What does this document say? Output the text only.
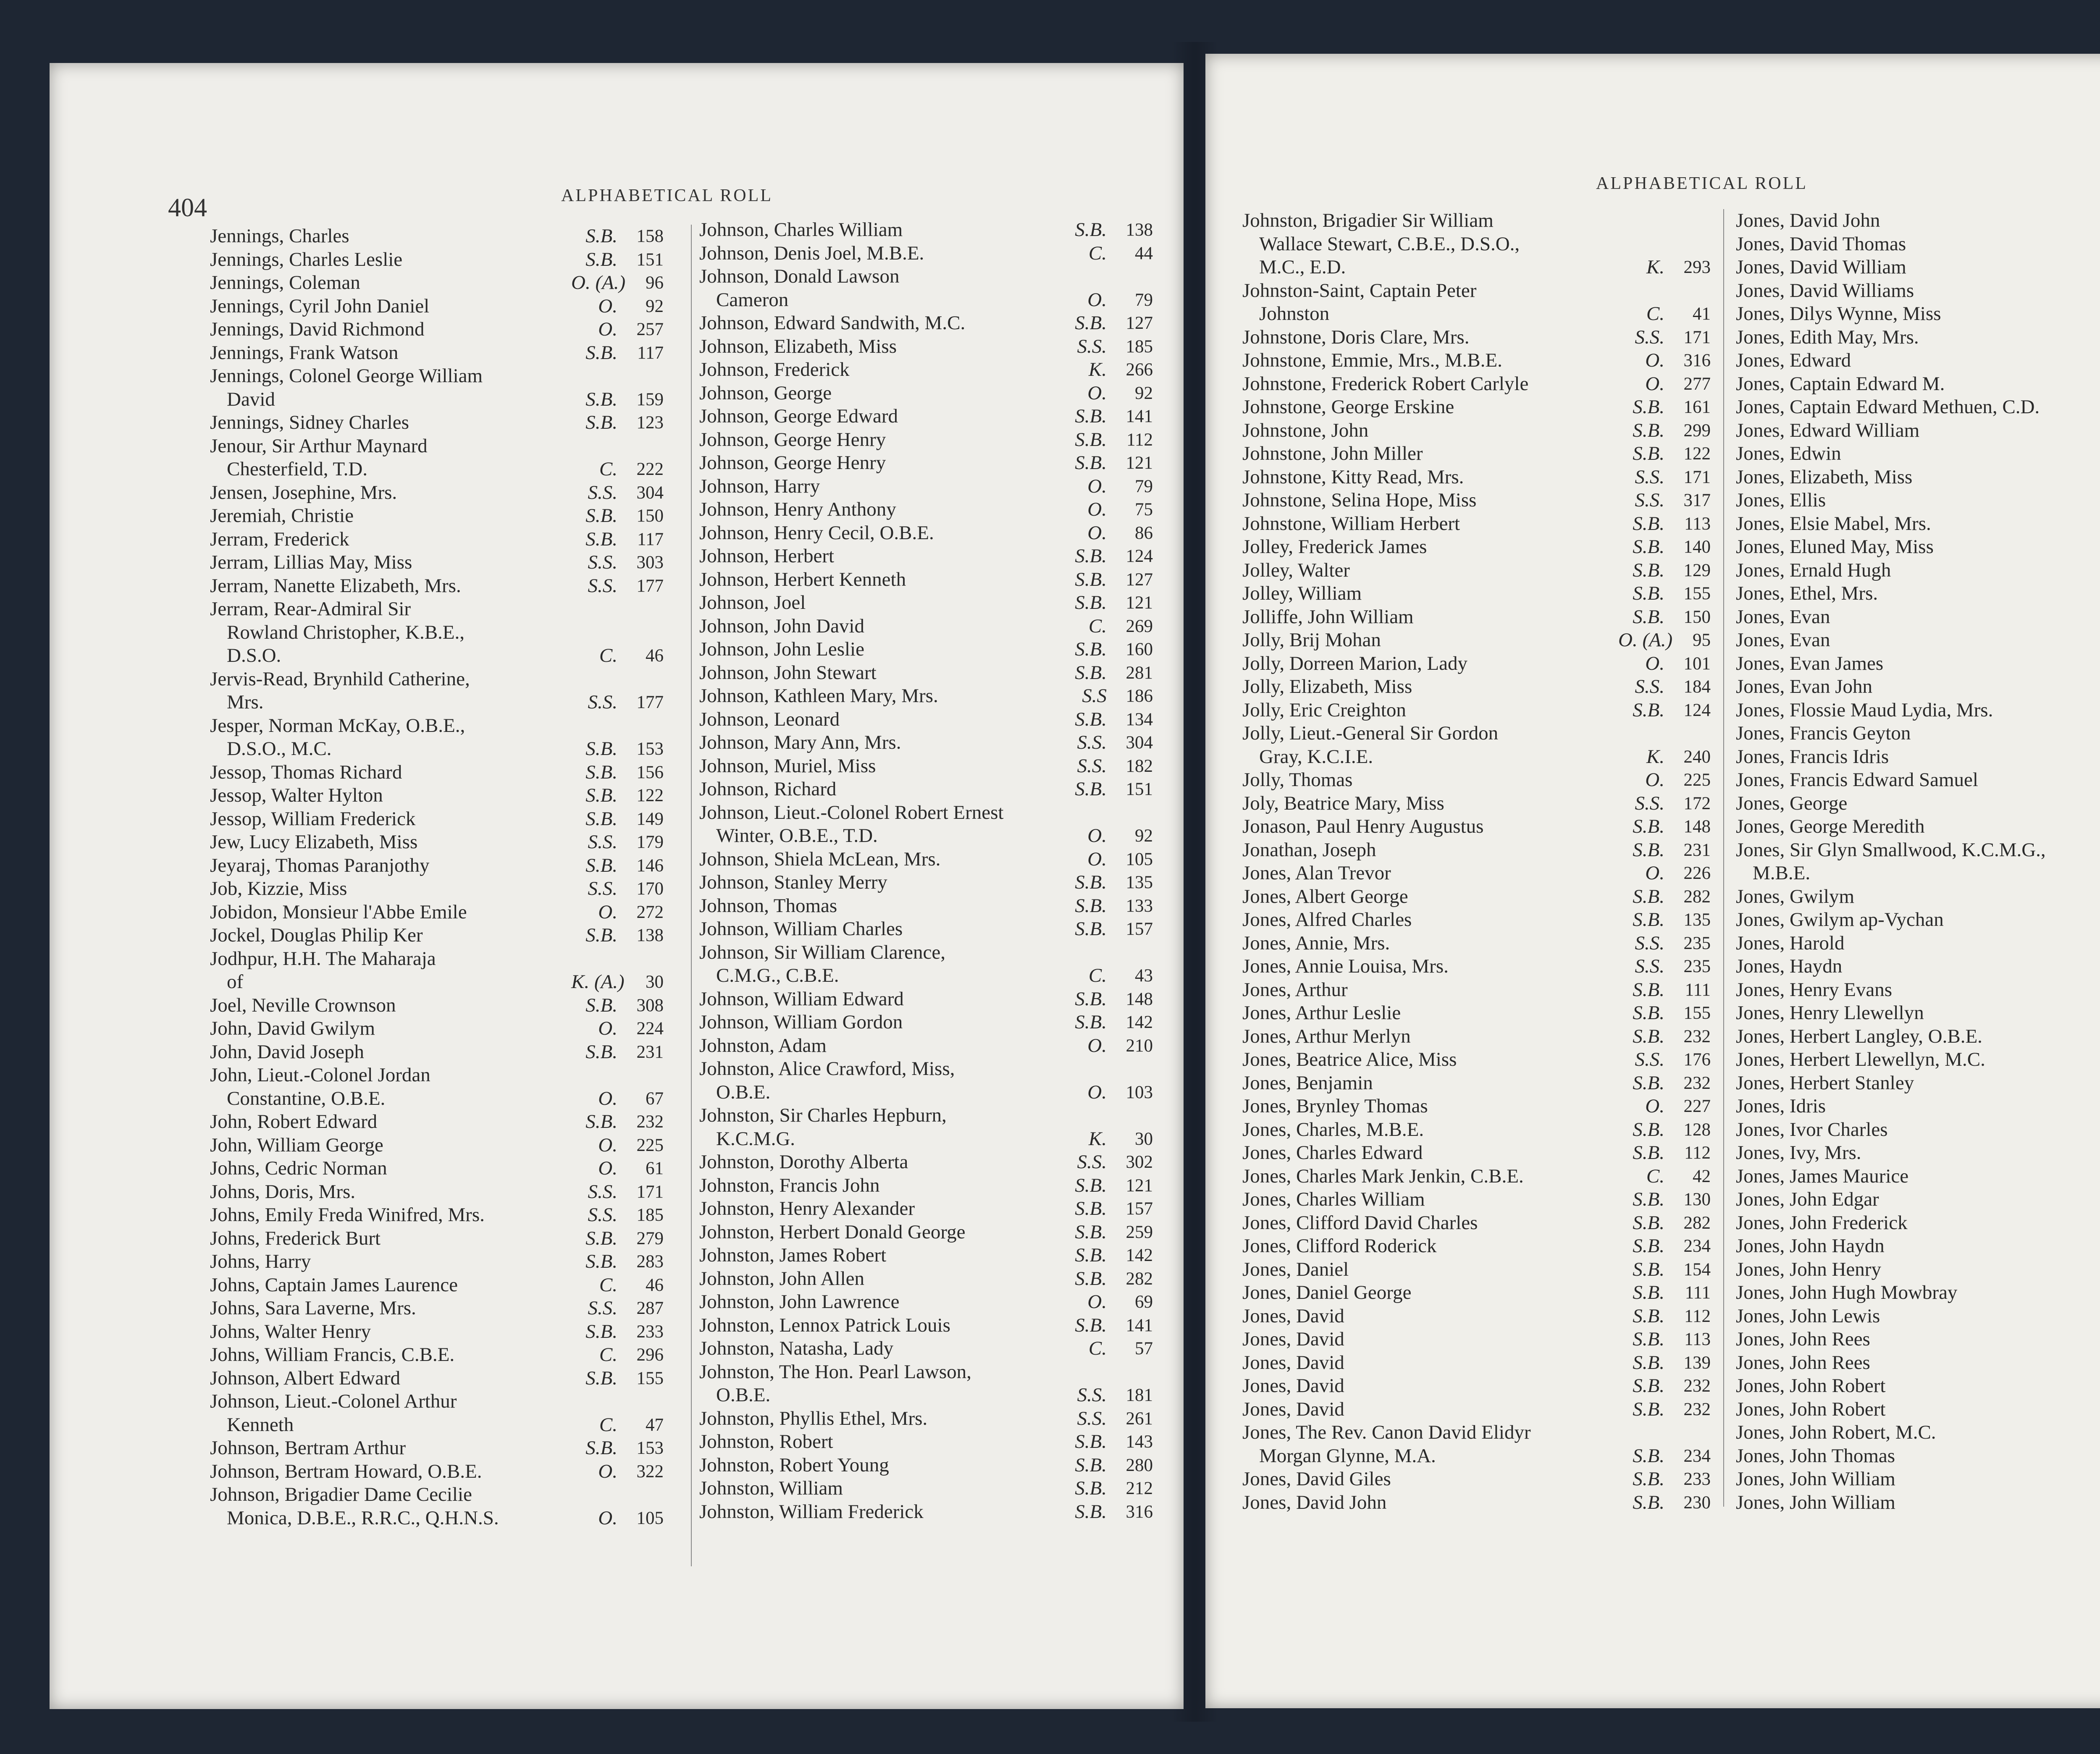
404	ALPHABETICAL ROLL
Jennings, Charles	S.B.	158
Jennings, Charles Leslie	S.B.	151
Jennings, Coleman	O. (A.)	96
Jennings, Cyril John Daniel	O.	92
Jennings, David Richmond	O.	257
Jennings, Frank Watson	S.B.	117
Jennings, Colonel George William
David	S.B.	159
Jennings, Sidney Charles	S.B.	123
Jenour, Sir Arthur Maynard
Chesterfield, T.D.	C.	222
Jensen, Josephine, Mrs.	S.S.	304
Jeremiah, Christie	S.B.	150
Jerram, Frederick	S.B.	117
Jerram, Lillias May, Miss	S.S.	303
Jerram, Nanette Elizabeth, Mrs.	S.S.	177
Jerram, Rear-Admiral Sir
Rowland Christopher, K.B.E.,
D.S.O.	C.	46
Jervis-Read, Brynhild Catherine,
Mrs.	S.S.	177
Jesper, Norman McKay, O.B.E.,
D.S.O., M.C.	S.B.	153
Jessop, Thomas Richard	S.B.	156
Jessop, Walter Hylton	S.B.	122
Jessop, William Frederick	S.B.	149
Jew, Lucy Elizabeth, Miss	S.S.	179
Jeyaraj, Thomas Paranjothy	S.B.	146
Job, Kizzie, Miss	S.S.	170
Jobidon, Monsieur l'Abbe Emile	O.	272
Jockel, Douglas Philip Ker	S.B.	138
Jodhpur, H.H. The Maharaja
of	K. (A.)	30
Joel, Neville Crownson	S.B.	308
John, David Gwilym	O.	224
John, David Joseph	S.B.	231
John, Lieut.-Colonel Jordan
Constantine, O.B.E.	O.	67
John, Robert Edward	S.B.	232
John, William George	O.	225
Johns, Cedric Norman	O.	61
Johns, Doris, Mrs.	S.S.	171
Johns, Emily Freda Winifred, Mrs.	S.S.	185
Johns, Frederick Burt	S.B.	279
Johns, Harry	S.B.	283
Johns, Captain James Laurence	C.	46
Johns, Sara Laverne, Mrs.	S.S.	287
Johns, Walter Henry	S.B.	233
Johns, William Francis, C.B.E.	C.	296
Johnson, Albert Edward	S.B.	155
Johnson, Lieut.-Colonel Arthur
Kenneth	C.	47
Johnson, Bertram Arthur	S.B.	153
Johnson, Bertram Howard, O.B.E.	O.	322
Johnson, Brigadier Dame Cecilie
Monica, D.B.E., R.R.C., Q.H.N.S.	O.	105
Johnson, Charles William	S.B.	138
Johnson, Denis Joel, M.B.E.	C.	44
Johnson, Donald Lawson
Cameron	O.	79
Johnson, Edward Sandwith, M.C.	S.B.	127
Johnson, Elizabeth, Miss	S.S.	185
Johnson, Frederick	K.	266
Johnson, George	O.	92
Johnson, George Edward	S.B.	141
Johnson, George Henry	S.B.	112
Johnson, George Henry	S.B.	121
Johnson, Harry	O.	79
Johnson, Henry Anthony	O.	75
Johnson, Henry Cecil, O.B.E.	O.	86
Johnson, Herbert	S.B.	124
Johnson, Herbert Kenneth	S.B.	127
Johnson, Joel	S.B.	121
Johnson, John David	C.	269
Johnson, John Leslie	S.B.	160
Johnson, John Stewart	S.B.	281
Johnson, Kathleen Mary, Mrs.	S.S	186
Johnson, Leonard	S.B.	134
Johnson, Mary Ann, Mrs.	S.S.	304
Johnson, Muriel, Miss	S.S.	182
Johnson, Richard	S.B.	151
Johnson, Lieut.-Colonel Robert Ernest
Winter, O.B.E., T.D.	O.	92
Johnson, Shiela McLean, Mrs.	O.	105
Johnson, Stanley Merry	S.B.	135
Johnson, Thomas	S.B.	133
Johnson, William Charles	S.B.	157
Johnson, Sir William Clarence,
C.M.G., C.B.E.	C.	43
Johnson, William Edward	S.B.	148
Johnson, William Gordon	S.B.	142
Johnston, Adam	O.	210
Johnston, Alice Crawford, Miss,
O.B.E.	O.	103
Johnston, Sir Charles Hepburn,
K.C.M.G.	K.	30
Johnston, Dorothy Alberta	S.S.	302
Johnston, Francis John	S.B.	121
Johnston, Henry Alexander	S.B.	157
Johnston, Herbert Donald George	S.B.	259
Johnston, James Robert	S.B.	142
Johnston, John Allen	S.B.	282
Johnston, John Lawrence	O.	69
Johnston, Lennox Patrick Louis	S.B.	141
Johnston, Natasha, Lady	C.	57
Johnston, The Hon. Pearl Lawson,
O.B.E.	S.S.	181
Johnston, Phyllis Ethel, Mrs.	S.S.	261
Johnston, Robert	S.B.	143
Johnston, Robert Young	S.B.	280
Johnston, William	S.B.	212
Johnston, William Frederick	S.B.	316
ALPHABETICAL ROLL
Johnston, Brigadier Sir William
Wallace Stewart, C.B.E., D.S.O.,
M.C., E.D.	K.	293
Johnston-Saint, Captain Peter
Johnston	C.	41
Johnstone, Doris Clare, Mrs.	S.S.	171
Johnstone, Emmie, Mrs., M.B.E.	O.	316
Johnstone, Frederick Robert Carlyle	O.	277
Johnstone, George Erskine	S.B.	161
Johnstone, John	S.B.	299
Johnstone, John Miller	S.B.	122
Johnstone, Kitty Read, Mrs.	S.S.	171
Johnstone, Selina Hope, Miss	S.S.	317
Johnstone, William Herbert	S.B.	113
Jolley, Frederick James	S.B.	140
Jolley, Walter	S.B.	129
Jolley, William	S.B.	155
Jolliffe, John William	S.B.	150
Jolly, Brij Mohan	O. (A.)	95
Jolly, Dorreen Marion, Lady	O.	101
Jolly, Elizabeth, Miss	S.S.	184
Jolly, Eric Creighton	S.B.	124
Jolly, Lieut.-General Sir Gordon
Gray, K.C.I.E.	K.	240
Jolly, Thomas	O.	225
Joly, Beatrice Mary, Miss	S.S.	172
Jonason, Paul Henry Augustus	S.B.	148
Jonathan, Joseph	S.B.	231
Jones, Alan Trevor	O.	226
Jones, Albert George	S.B.	282
Jones, Alfred Charles	S.B.	135
Jones, Annie, Mrs.	S.S.	235
Jones, Annie Louisa, Mrs.	S.S.	235
Jones, Arthur	S.B.	111
Jones, Arthur Leslie	S.B.	155
Jones, Arthur Merlyn	S.B.	232
Jones, Beatrice Alice, Miss	S.S.	176
Jones, Benjamin	S.B.	232
Jones, Brynley Thomas	O.	227
Jones, Charles, M.B.E.	S.B.	128
Jones, Charles Edward	S.B.	112
Jones, Charles Mark Jenkin, C.B.E.	C.	42
Jones, Charles William	S.B.	130
Jones, Clifford David Charles	S.B.	282
Jones, Clifford Roderick	S.B.	234
Jones, Daniel	S.B.	154
Jones, Daniel George	S.B.	111
Jones, David	S.B.	112
Jones, David	S.B.	113
Jones, David	S.B.	139
Jones, David	S.B.	232
Jones, David	S.B.	232
Jones, The Rev. Canon David Elidyr
Morgan Glynne, M.A.	S.B.	234
Jones, David Giles	S.B.	233
Jones, David John	S.B.	230
Jones, David John
Jones, David Thomas
Jones, David William
Jones, David Williams
Jones, Dilys Wynne, Miss
Jones, Edith May, Mrs.
Jones, Edward
Jones, Captain Edward M.
Jones, Captain Edward Methuen, C.D.
Jones, Edward William
Jones, Edwin
Jones, Elizabeth, Miss
Jones, Ellis
Jones, Elsie Mabel, Mrs.
Jones, Eluned May, Miss
Jones, Ernald Hugh
Jones, Ethel, Mrs.
Jones, Evan
Jones, Evan
Jones, Evan James
Jones, Evan John
Jones, Flossie Maud Lydia, Mrs.
Jones, Francis Geyton
Jones, Francis Idris
Jones, Francis Edward Samuel
Jones, George
Jones, George Meredith
Jones, Sir Glyn Smallwood, K.C.M.G.,
M.B.E.
Jones, Gwilym
Jones, Gwilym ap-Vychan
Jones, Harold
Jones, Haydn
Jones, Henry Evans
Jones, Henry Llewellyn
Jones, Herbert Langley, O.B.E.
Jones, Herbert Llewellyn, M.C.
Jones, Herbert Stanley
Jones, Idris
Jones, Ivor Charles
Jones, Ivy, Mrs.
Jones, James Maurice
Jones, John Edgar
Jones, John Frederick
Jones, John Haydn
Jones, John Henry
Jones, John Hugh Mowbray
Jones, John Lewis
Jones, John Rees
Jones, John Rees
Jones, John Robert
Jones, John Robert
Jones, John Robert, M.C.
Jones, John Thomas
Jones, John William
Jones, John William
